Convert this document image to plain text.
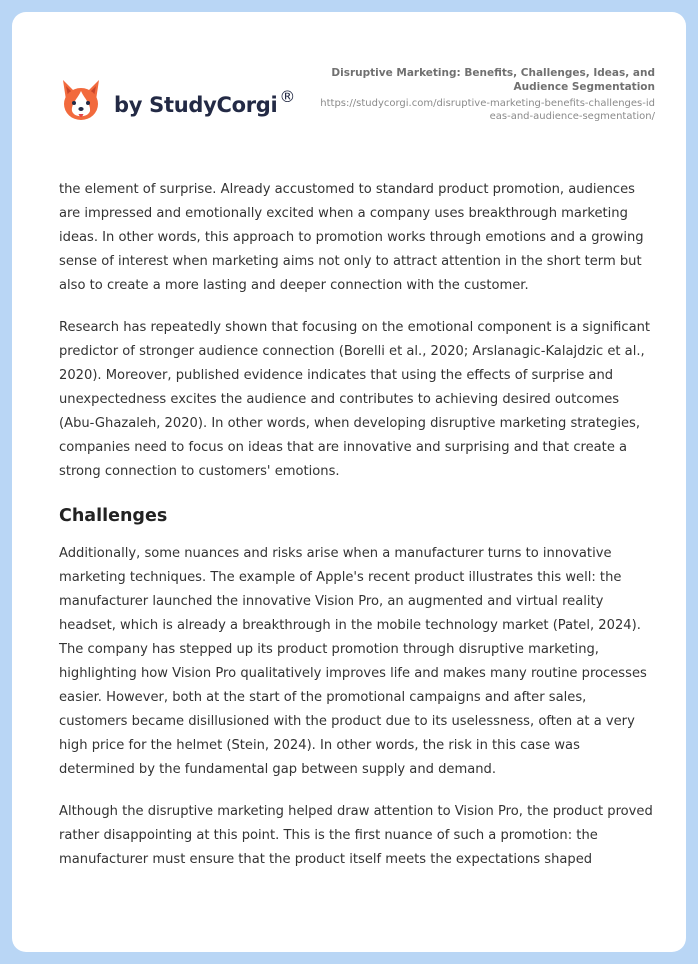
by StudyCorgi ®
Disruptive Marketing: Benefits, Challenges, Ideas, and Audience Segmentation
https://studycorgi.com/disruptive-marketing-benefits-challenges-ideas-and-audience-segmentation/

the element of surprise. Already accustomed to standard product promotion, audiences are impressed and emotionally excited when a company uses breakthrough marketing ideas. In other words, this approach to promotion works through emotions and a growing sense of interest when marketing aims not only to attract attention in the short term but also to create a more lasting and deeper connection with the customer.

Research has repeatedly shown that focusing on the emotional component is a significant predictor of stronger audience connection (Borelli et al., 2020; Arslanagic-Kalajdzic et al., 2020). Moreover, published evidence indicates that using the effects of surprise and unexpectedness excites the audience and contributes to achieving desired outcomes (Abu-Ghazaleh, 2020). In other words, when developing disruptive marketing strategies, companies need to focus on ideas that are innovative and surprising and that create a strong connection to customers' emotions.

Challenges

Additionally, some nuances and risks arise when a manufacturer turns to innovative marketing techniques. The example of Apple's recent product illustrates this well: the manufacturer launched the innovative Vision Pro, an augmented and virtual reality headset, which is already a breakthrough in the mobile technology market (Patel, 2024). The company has stepped up its product promotion through disruptive marketing, highlighting how Vision Pro qualitatively improves life and makes many routine processes easier. However, both at the start of the promotional campaigns and after sales, customers became disillusioned with the product due to its uselessness, often at a very high price for the helmet (Stein, 2024). In other words, the risk in this case was determined by the fundamental gap between supply and demand.

Although the disruptive marketing helped draw attention to Vision Pro, the product proved rather disappointing at this point. This is the first nuance of such a promotion: the manufacturer must ensure that the product itself meets the expectations shaped
